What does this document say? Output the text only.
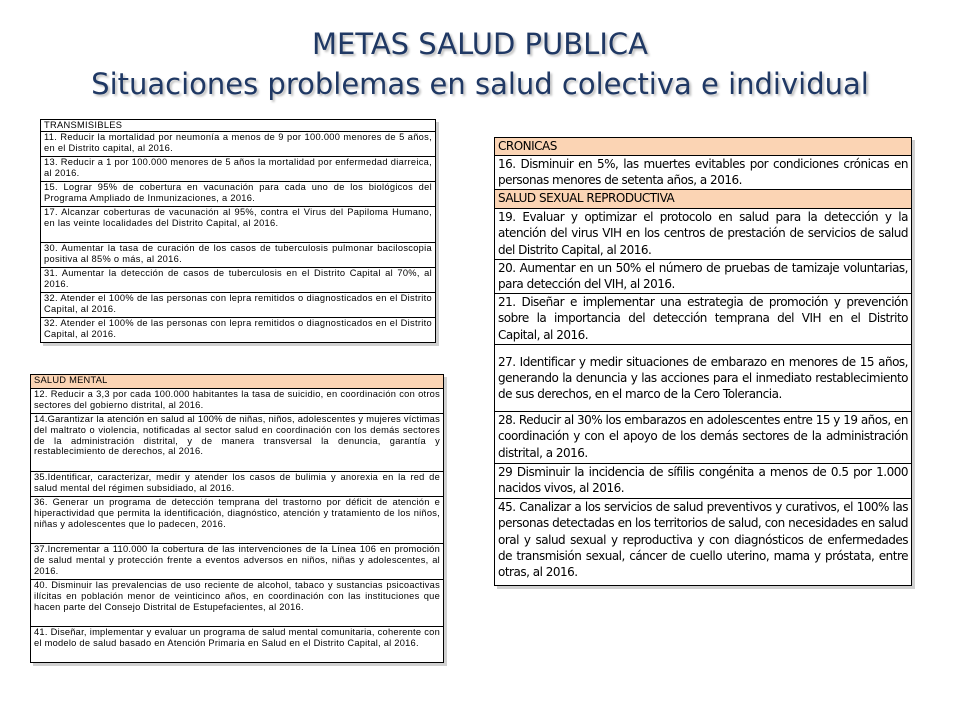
METAS SALUD PUBLICA
Situaciones problemas en salud colectiva e individual
TRANSMISIBLES
11. Reducir la mortalidad por neumonía a menos de 9 por 100.000 menores de 5 años, en el Distrito capital, al 2016.
13. Reducir a 1 por 100.000 menores de 5 años la mortalidad por enfermedad diarreica, al 2016.
15. Lograr 95% de cobertura en vacunación para cada uno de los biológicos del Programa Ampliado de Inmunizaciones, a 2016.
17. Alcanzar coberturas de vacunación al 95%, contra el Virus del Papiloma Humano, en las veinte localidades del Distrito Capital, al 2016.
30. Aumentar la tasa de curación de los casos de tuberculosis pulmonar baciloscopia positiva al 85% o más, al 2016.
31. Aumentar la detección de casos de tuberculosis en el Distrito Capital al 70%, al 2016.
32. Atender el 100% de las personas con lepra remitidos o diagnosticados en el Distrito Capital, al 2016.
32. Atender el 100% de las personas con lepra remitidos o diagnosticados en el Distrito Capital, al 2016.
SALUD MENTAL
12. Reducir a 3,3 por cada 100.000 habitantes la tasa de suicidio, en coordinación con otros sectores del gobierno distrital, al 2016.
14.Garantizar la atención en salud al 100% de niñas, niños, adolescentes y mujeres víctimas del maltrato o violencia, notificadas al sector salud en coordinación con los demás sectores de la administración distrital, y de manera transversal la denuncia, garantía y restablecimiento de derechos, al 2016.
35.Identificar, caracterizar, medir y atender los casos de bulimia y anorexia en la red de salud mental del régimen subsidiado, al 2016.
36. Generar un programa de detección temprana del trastorno por déficit de atención e hiperactividad que permita la identificación, diagnóstico, atención y tratamiento de los niños, niñas y adolescentes que lo padecen, 2016.
37.Incrementar a 110.000 la cobertura de las intervenciones de la Línea 106 en promoción de salud mental y protección frente a eventos adversos en niños, niñas y adolescentes, al 2016.
40. Disminuir las prevalencias de uso reciente de alcohol, tabaco y sustancias psicoactivas ilícitas en población menor de veinticinco años, en coordinación con las instituciones que hacen parte del Consejo Distrital de Estupefacientes, al 2016.
41. Diseñar, implementar y evaluar un programa de salud mental comunitaria, coherente con el modelo de salud basado en Atención Primaria en Salud en el Distrito Capital, al 2016.
CRONICAS
16. Disminuir en 5%, las muertes evitables por condiciones crónicas en personas menores de setenta años, a 2016.
SALUD SEXUAL REPRODUCTIVA
19. Evaluar y optimizar el protocolo en salud para la detección y la atención del virus VIH en los centros de prestación de servicios de salud del Distrito Capital, al 2016.
20. Aumentar en un 50% el número de pruebas de tamizaje voluntarias, para detección del VIH, al 2016.
21. Diseñar e implementar una estrategia de promoción y prevención sobre la importancia del detección temprana del VIH en el Distrito Capital, al 2016.
27. Identificar y medir situaciones de embarazo en menores de 15 años, generando la denuncia y las acciones para el inmediato restablecimiento de sus derechos, en el marco de la Cero Tolerancia.
28. Reducir al 30% los embarazos en adolescentes entre 15 y 19 años, en coordinación y con el apoyo de los demás sectores de la administración distrital, a 2016.
29 Disminuir la incidencia de sífilis congénita a menos de 0.5 por 1.000 nacidos vivos, al 2016.
45. Canalizar a los servicios de salud preventivos y curativos, el 100% las personas detectadas en los territorios de salud, con necesidades en salud oral y salud sexual y reproductiva y con diagnósticos de enfermedades de transmisión sexual, cáncer de cuello uterino, mama y próstata, entre otras, al 2016.
